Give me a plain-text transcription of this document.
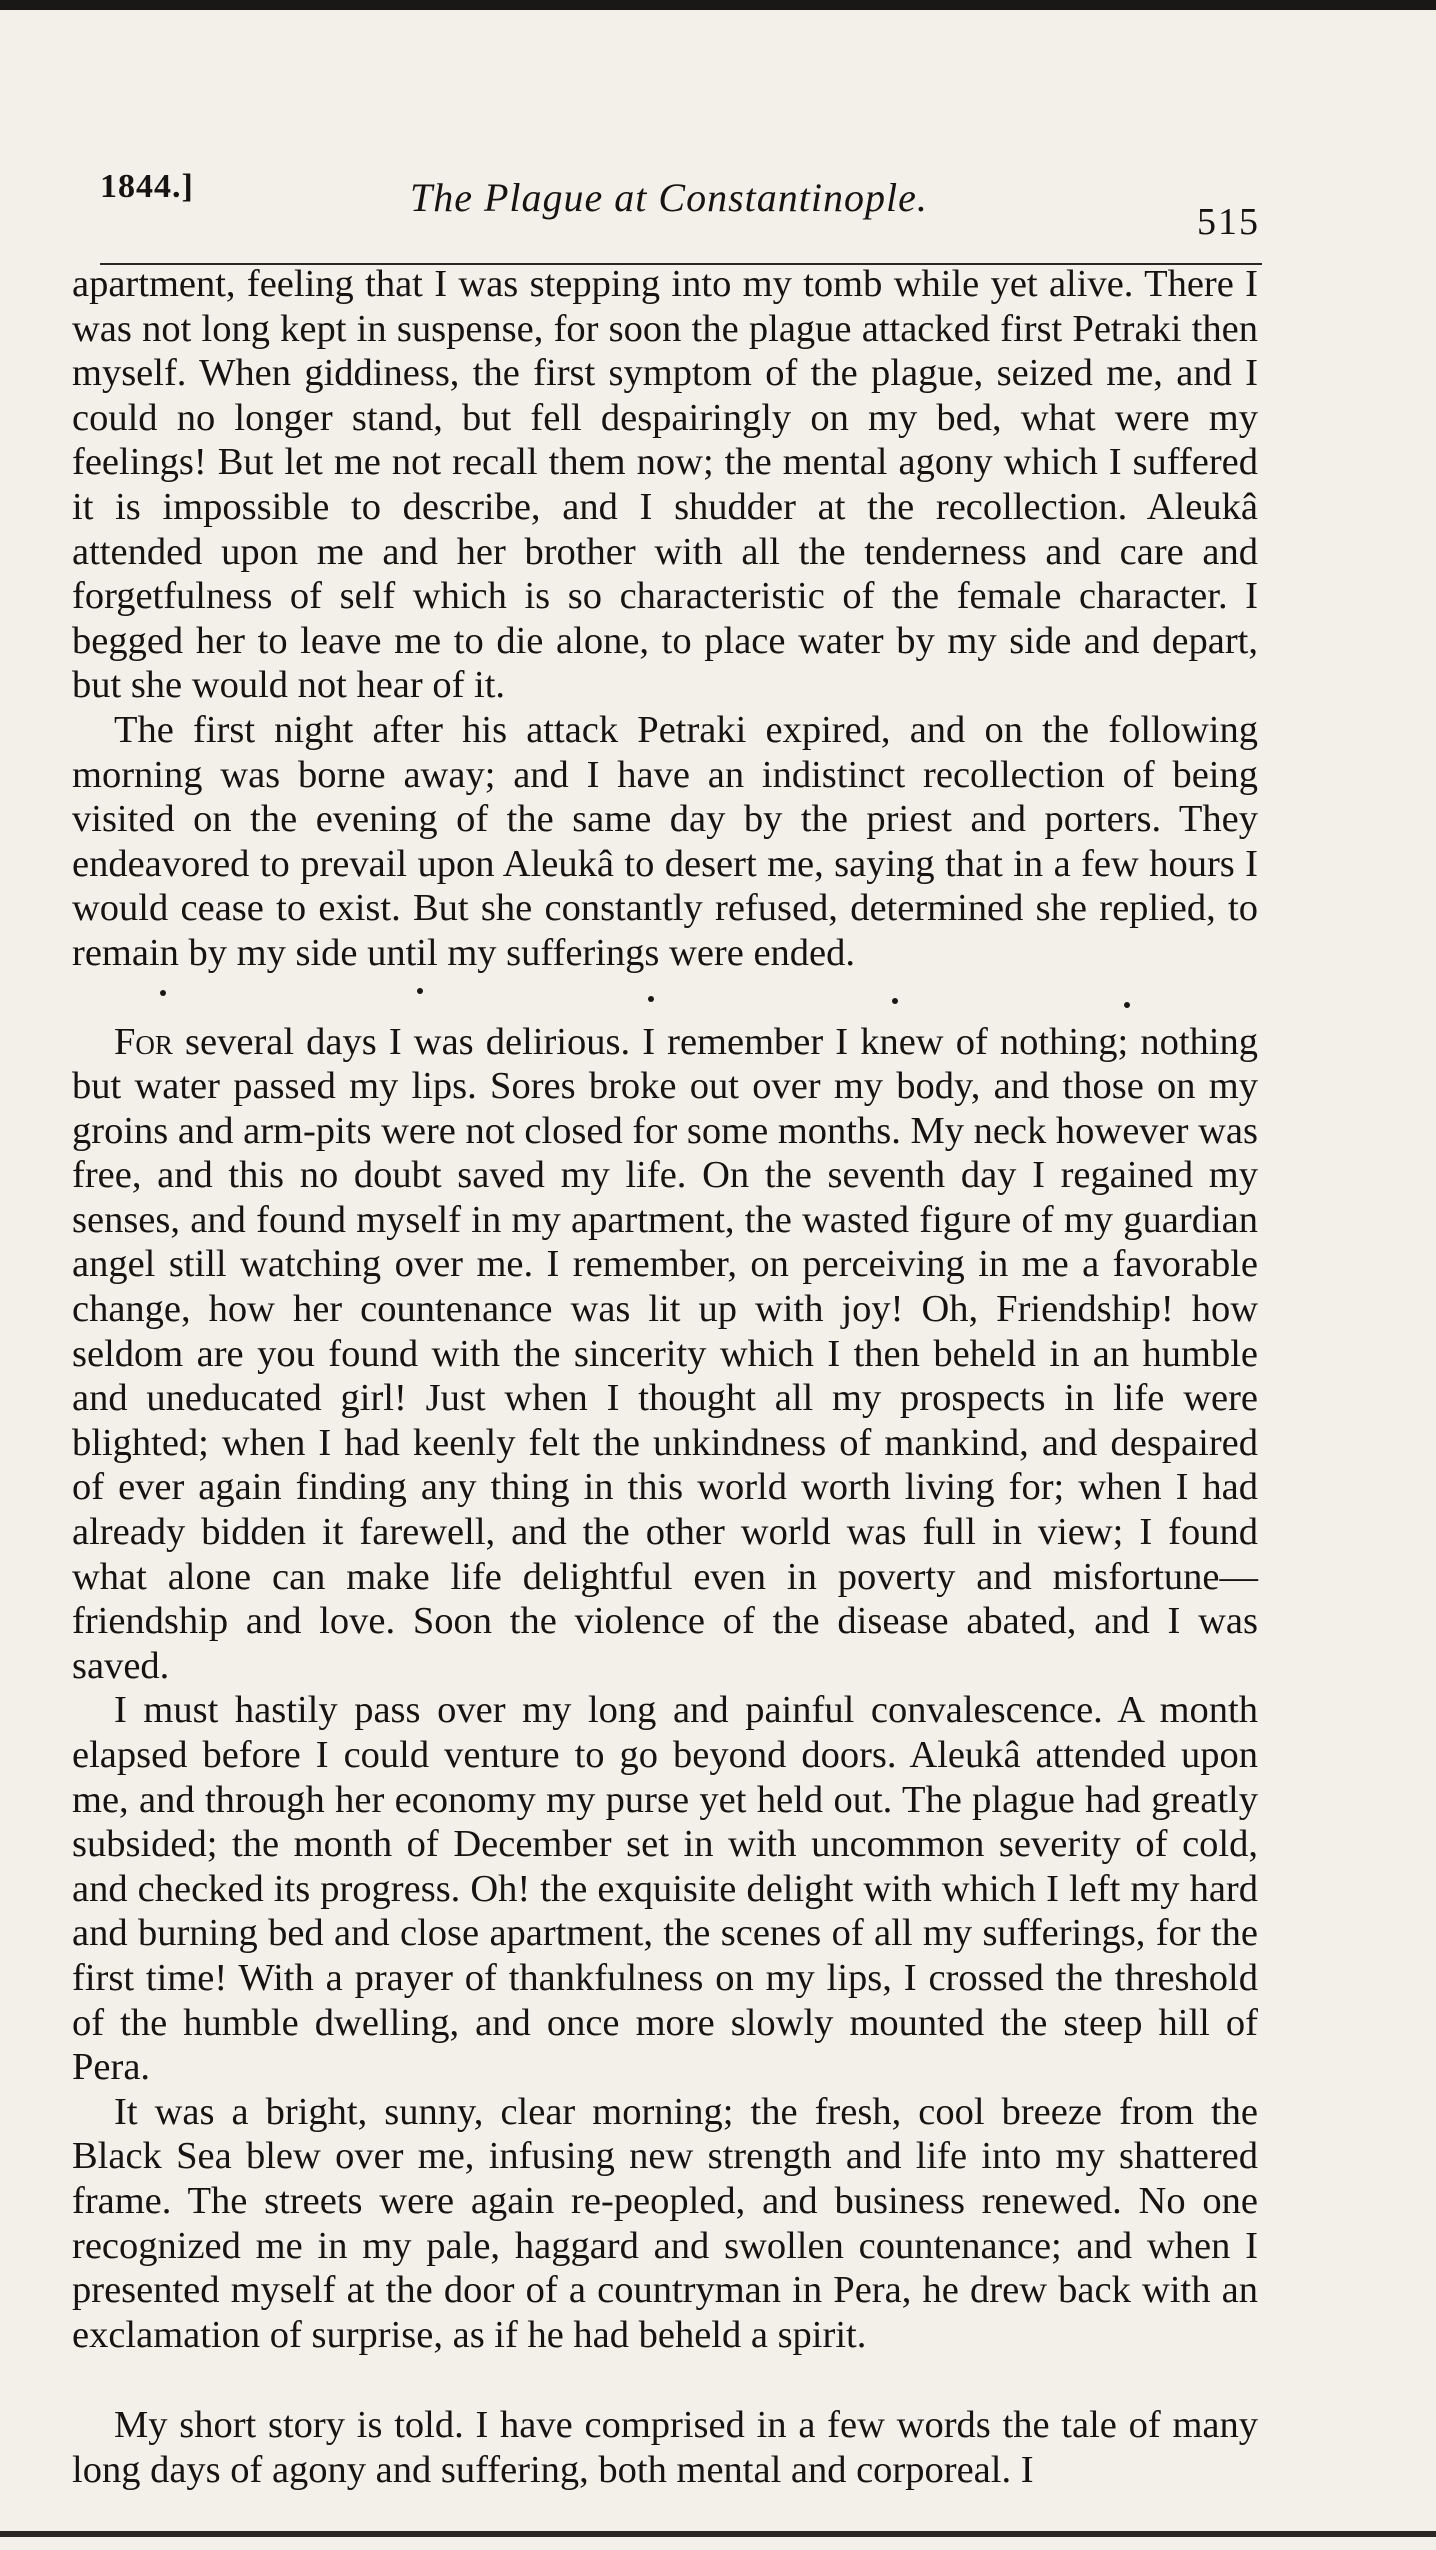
1844.]	The Plague at Constantinople.
515

apartment, feeling that I was stepping into my tomb while yet alive. There I was not long kept in suspense, for soon the plague attacked first Petraki then myself. When giddiness, the first symptom of the plague, seized me, and I could no longer stand, but fell despairingly on my bed, what were my feelings! But let me not recall them now; the mental agony which I suffered it is impossible to describe, and I shudder at the recollection. Aleukâ attended upon me and her brother with all the tenderness and care and forgetfulness of self which is so characteristic of the female character. I begged her to leave me to die alone, to place water by my side and depart, but she would not hear of it.

The first night after his attack Petraki expired, and on the following morning was borne away; and I have an indistinct recollection of being visited on the evening of the same day by the priest and porters. They endeavored to prevail upon Aleukâ to desert me, saying that in a few hours I would cease to exist. But she constantly refused, determined she replied, to remain by my side until my sufferings were ended.

For several days I was delirious. I remember I knew of nothing; nothing but water passed my lips. Sores broke out over my body, and those on my groins and arm-pits were not closed for some months. My neck however was free, and this no doubt saved my life. On the seventh day I regained my senses, and found myself in my apartment, the wasted figure of my guardian angel still watching over me. I remember, on perceiving in me a favorable change, how her countenance was lit up with joy! Oh, Friendship! how seldom are you found with the sincerity which I then beheld in an humble and uneducated girl! Just when I thought all my prospects in life were blighted; when I had keenly felt the unkindness of mankind, and despaired of ever again finding any thing in this world worth living for; when I had already bidden it farewell, and the other world was full in view; I found what alone can make life delightful even in poverty and misfortune—friendship and love. Soon the violence of the disease abated, and I was saved.

I must hastily pass over my long and painful convalescence. A month elapsed before I could venture to go beyond doors. Aleukâ attended upon me, and through her economy my purse yet held out. The plague had greatly subsided; the month of December set in with uncommon severity of cold, and checked its progress. Oh! the exquisite delight with which I left my hard and burning bed and close apartment, the scenes of all my sufferings, for the first time! With a prayer of thankfulness on my lips, I crossed the threshold of the humble dwelling, and once more slowly mounted the steep hill of Pera.

It was a bright, sunny, clear morning; the fresh, cool breeze from the Black Sea blew over me, infusing new strength and life into my shattered frame. The streets were again re-peopled, and business renewed. No one recognized me in my pale, haggard and swollen countenance; and when I presented myself at the door of a countryman in Pera, he drew back with an exclamation of surprise, as if he had beheld a spirit.

My short story is told. I have comprised in a few words the tale of many long days of agony and suffering, both mental and corporeal. I
